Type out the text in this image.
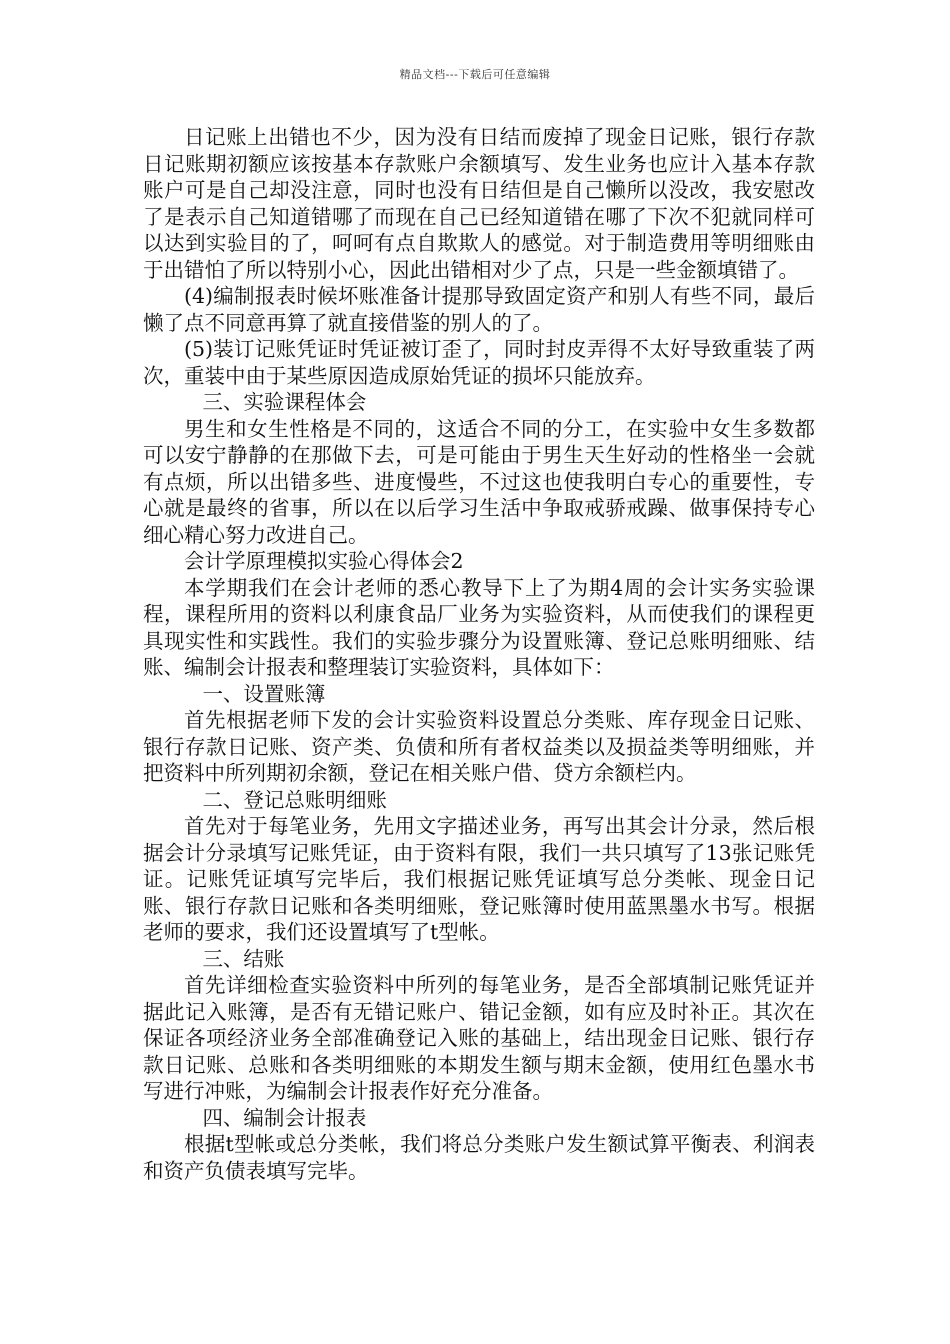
精品文档---下载后可任意编辑

日记账上出错也不少，因为没有日结而废掉了现金日记账，银行存款日记账期初额应该按基本存款账户余额填写、发生业务也应计入基本存款账户可是自己却没注意，同时也没有日结但是自己懒所以没改，我安慰改了是表示自己知道错哪了而现在自己已经知道错在哪了下次不犯就同样可以达到实验目的了，呵呵有点自欺欺人的感觉。对于制造费用等明细账由于出错怕了所以特别小心，因此出错相对少了点，只是一些金额填错了。

(4)编制报表时候坏账准备计提那导致固定资产和别人有些不同，最后懒了点不同意再算了就直接借鉴的别人的了。

(5)装订记账凭证时凭证被订歪了，同时封皮弄得不太好导致重装了两次，重装中由于某些原因造成原始凭证的损坏只能放弃。

三、实验课程体会

男生和女生性格是不同的，这适合不同的分工，在实验中女生多数都可以安宁静静的在那做下去，可是可能由于男生天生好动的性格坐一会就有点烦，所以出错多些、进度慢些，不过这也使我明白专心的重要性，专心就是最终的省事，所以在以后学习生活中争取戒骄戒躁、做事保持专心细心精心努力改进自己。

会计学原理模拟实验心得体会2

本学期我们在会计老师的悉心教导下上了为期4周的会计实务实验课程，课程所用的资料以利康食品厂业务为实验资料，从而使我们的课程更具现实性和实践性。我们的实验步骤分为设置账簿、登记总账明细账、结账、编制会计报表和整理装订实验资料，具体如下：

一、设置账簿

首先根据老师下发的会计实验资料设置总分类账、库存现金日记账、银行存款日记账、资产类、负债和所有者权益类以及损益类等明细账，并把资料中所列期初余额，登记在相关账户借、贷方余额栏内。

二、登记总账明细账

首先对于每笔业务，先用文字描述业务，再写出其会计分录，然后根据会计分录填写记账凭证，由于资料有限，我们一共只填写了13张记账凭证。记账凭证填写完毕后，我们根据记账凭证填写总分类帐、现金日记账、银行存款日记账和各类明细账，登记账簿时使用蓝黑墨水书写。根据老师的要求，我们还设置填写了t型帐。

三、结账

首先详细检查实验资料中所列的每笔业务，是否全部填制记账凭证并据此记入账簿，是否有无错记账户、错记金额，如有应及时补正。其次在保证各项经济业务全部准确登记入账的基础上，结出现金日记账、银行存款日记账、总账和各类明细账的本期发生额与期末金额，使用红色墨水书写进行冲账，为编制会计报表作好充分准备。

四、编制会计报表

根据t型帐或总分类帐，我们将总分类账户发生额试算平衡表、利润表和资产负债表填写完毕。
